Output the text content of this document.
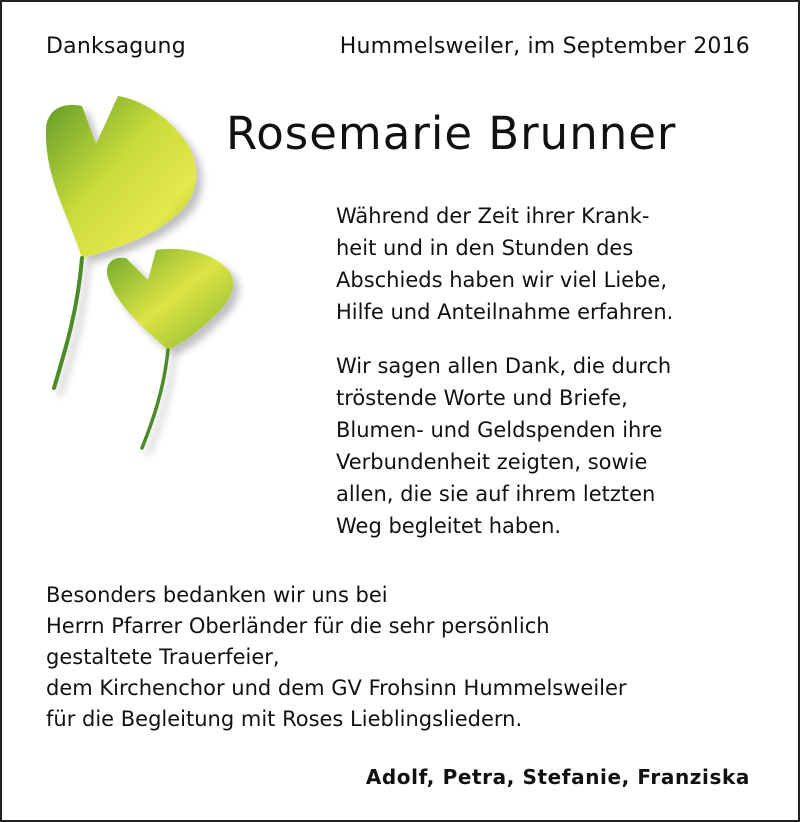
Danksagung	Hummelsweiler, im September 2016
Rosemarie Brunner
Während der Zeit ihrer Krank-
heit und in den Stunden des
Abschieds haben wir viel Liebe,
Hilfe und Anteilnahme erfahren.
Wir sagen allen Dank, die durch
tröstende Worte und Briefe,
Blumen- und Geldspenden ihre
Verbundenheit zeigten, sowie
allen, die sie auf ihrem letzten
Weg begleitet haben.
Besonders bedanken wir uns bei
Herrn Pfarrer Oberländer für die sehr persönlich
gestaltete Trauerfeier,
dem Kirchenchor und dem GV Frohsinn Hummelsweiler
für die Begleitung mit Roses Lieblingsliedern.
Adolf, Petra, Stefanie, Franziska
